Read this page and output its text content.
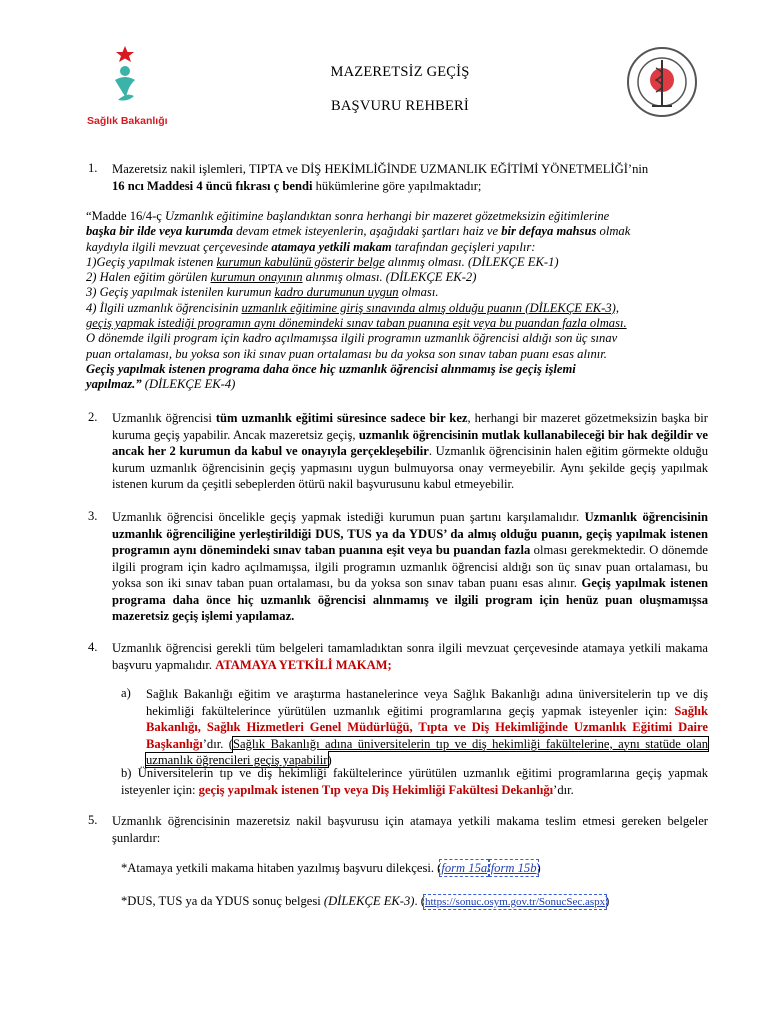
Sağlık Bakanlığı
MAZERETSİZ GEÇİŞ
BAŞVURU REHBERİ
1. Mazeretsiz nakil işlemleri, TIPTA ve DİŞ HEKİMLİĞİNDE UZMANLIK EĞİTİMİ YÖNETMELİĞİ’nin
16 ncı Maddesi 4 üncü fıkrası ç bendi hükümlerine göre yapılmaktadır;
“Madde 16/4-ç Uzmanlık eğitimine başlandıktan sonra herhangi bir mazeret gözetmeksizin eğitimlerine
başka bir ilde veya kurumda devam etmek isteyenlerin, aşağıdaki şartları haiz ve bir defaya mahsus olmak
kaydıyla ilgili mevzuat çerçevesinde atamaya yetkili makam tarafından geçişleri yapılır:
1)Geçiş yapılmak istenen kurumun kabulünü gösterir belge alınmış olması. (DİLEKÇE EK-1)
2) Halen eğitim görülen kurumun onayının alınmış olması. (DİLEKÇE EK-2)
3) Geçiş yapılmak istenilen kurumun kadro durumunun uygun olması.
4) İlgili uzmanlık öğrencisinin uzmanlık eğitimine giriş sınavında almış olduğu puanın (DİLEKÇE EK-3),
geçiş yapmak istediği programın aynı dönemindeki sınav taban puanına eşit veya bu puandan fazla olması.
O dönemde ilgili program için kadro açılmamışsa ilgili programın uzmanlık öğrencisi aldığı son üç sınav
puan ortalaması, bu yoksa son iki sınav puan ortalaması bu da yoksa son sınav taban puanı esas alınır.
Geçiş yapılmak istenen programa daha önce hiç uzmanlık öğrencisi alınmamış ise geçiş işlemi
yapılmaz.” (DİLEKÇE EK-4)
2. Uzmanlık öğrencisi tüm uzmanlık eğitimi süresince sadece bir kez, herhangi bir mazeret gözetmeksizin başka bir kuruma geçiş yapabilir. Ancak mazeretsiz geçiş, uzmanlık öğrencisinin mutlak kullanabileceği bir hak değildir ve ancak her 2 kurumun da kabul ve onayıyla gerçekleşebilir. Uzmanlık öğrencisinin halen eğitim görmekte olduğu kurum uzmanlık öğrencisinin geçiş yapmasını uygun bulmuyorsa onay vermeyebilir. Aynı şekilde geçiş yapılmak istenen kurum da çeşitli sebeplerden ötürü nakil başvurusunu kabul etmeyebilir.
3. Uzmanlık öğrencisi öncelikle geçiş yapmak istediği kurumun puan şartını karşılamalıdır. Uzmanlık öğrencisinin uzmanlık öğrenciliğine yerleştirildiği DUS, TUS ya da YDUS’ da almış olduğu puanın, geçiş yapılmak istenen programın aynı dönemindeki sınav taban puanına eşit veya bu puandan fazla olması gerekmektedir. O dönemde ilgili program için kadro açılmamışsa, ilgili programın uzmanlık öğrencisi aldığı son üç sınav puan ortalaması, bu yoksa son iki sınav taban puan ortalaması, bu da yoksa son sınav taban puanı esas alınır. Geçiş yapılmak istenen programa daha önce hiç uzmanlık öğrencisi alınmamış ve ilgili program için henüz puan oluşmamışsa mazeretsiz geçiş işlemi yapılamaz.
4. Uzmanlık öğrencisi gerekli tüm belgeleri tamamladıktan sonra ilgili mevzuat çerçevesinde atamaya yetkili makama başvuru yapmalıdır. ATAMAYA YETKİLİ MAKAM;
a) Sağlık Bakanlığı eğitim ve araştırma hastanelerince veya Sağlık Bakanlığı adına üniversitelerin tıp ve diş hekimliği fakültelerince yürütülen uzmanlık eğitimi programlarına geçiş yapmak isteyenler için: Sağlık Bakanlığı, Sağlık Hizmetleri Genel Müdürlüğü, Tıpta ve Diş Hekimliğinde Uzmanlık Eğitimi Daire Başkanlığı’dır. (Sağlık Bakanlığı adına üniversitelerin tıp ve diş hekimliği fakültelerine, aynı statüde olan uzmanlık öğrencileri geçiş yapabilir)
b) Üniversitelerin tıp ve diş hekimliği fakültelerince yürütülen uzmanlık eğitimi programlarına geçiş yapmak isteyenler için: geçiş yapılmak istenen Tıp veya Diş Hekimliği Fakültesi Dekanlığı’dır.
5. Uzmanlık öğrencisinin mazeretsiz nakil başvurusu için atamaya yetkili makama teslim etmesi gereken belgeler şunlardır:
*Atamaya yetkili makama hitaben yazılmış başvuru dilekçesi. (form 15a/form 15b)
*DUS, TUS ya da YDUS sonuç belgesi (DİLEKÇE EK-3). (https://sonuc.osym.gov.tr/SonucSec.aspx)
